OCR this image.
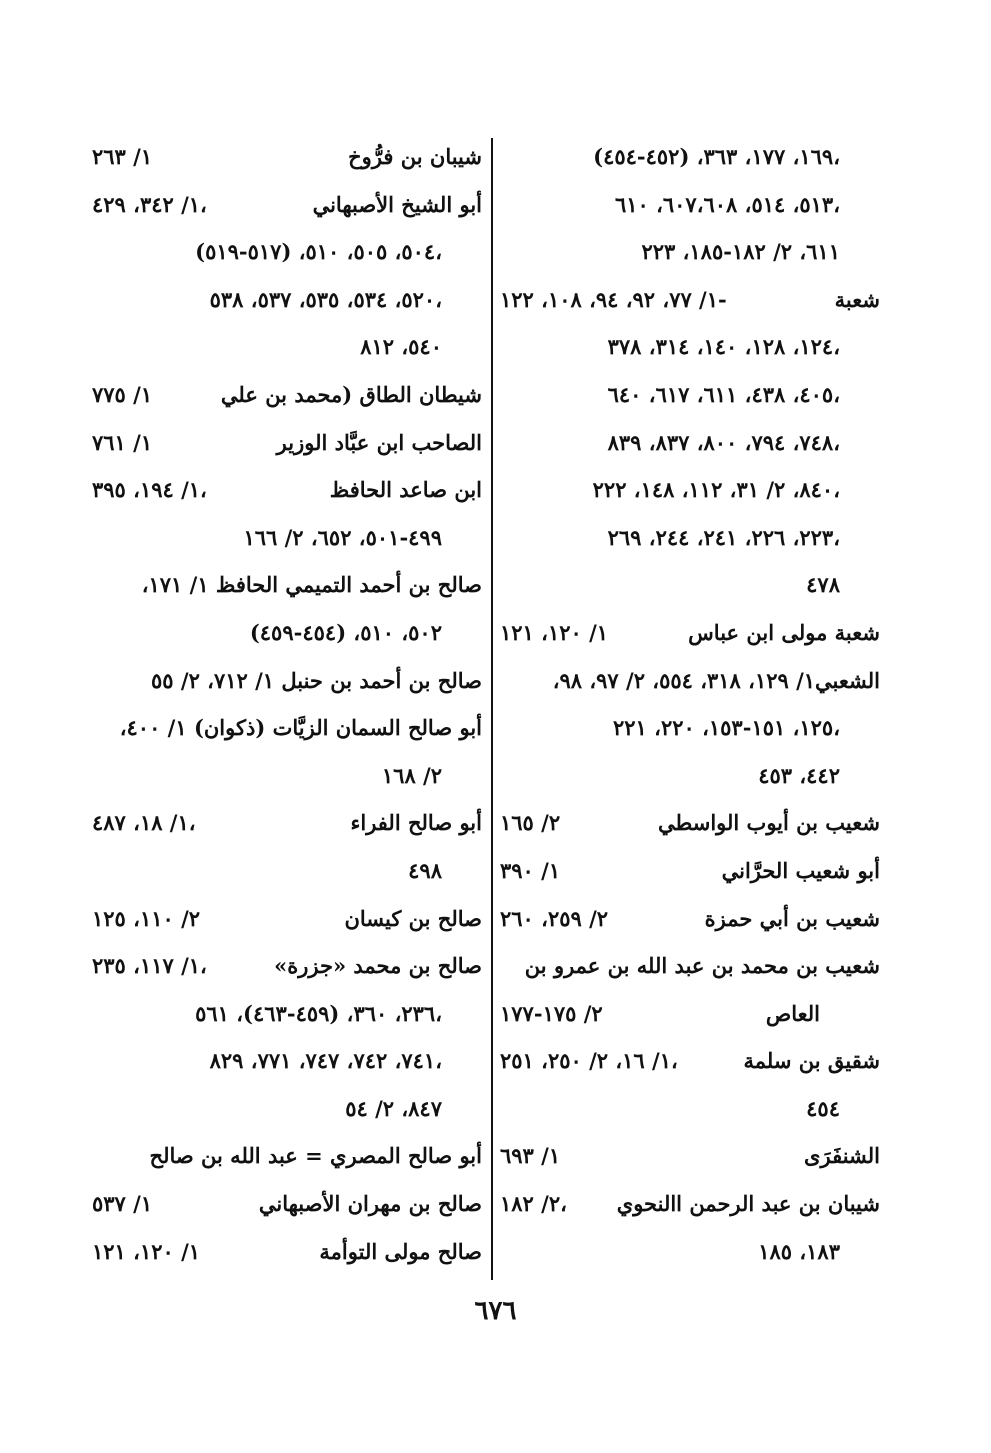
١٦٩، ١٧٧، ٣٦٣، (٤٥٢-٤٥٤)،
٥١٣، ٥١٤، ٦٠٧،٦٠٨، ٦١٠،
٦١١، ٢/ ١٨٢-١٨٥، ٢٢٣
شعبة
١/ ٧٧، ٩٢، ٩٤، ١٠٨، ١٢٢-
١٢٤، ١٢٨، ١٤٠، ٣١٤، ٣٧٨،
٤٠٥، ٤٣٨، ٦١١، ٦١٧، ٦٤٠،
٧٤٨، ٧٩٤، ٨٠٠، ٨٣٧، ٨٣٩،
٨٤٠، ٢/ ٣١، ١١٢، ١٤٨، ٢٢٢،
٢٢٣، ٢٢٦، ٢٤١، ٢٤٤، ٢٦٩،
٤٧٨
شعبة مولى ابن عباس
١/ ١٢٠، ١٢١
الشعبي١/ ١٢٩، ٣١٨، ٥٥٤، ٢/ ٩٧، ٩٨،
١٢٥، ١٥١-١٥٣، ٢٢٠، ٢٢١،
٤٤٢، ٤٥٣
شعيب بن أيوب الواسطي
٢/ ١٦٥
أبو شعيب الحرَّاني
١/ ٣٩٠
شعيب بن أبي حمزة
٢/ ٢٥٩، ٢٦٠
شعيب بن محمد بن عبد الله بن عمرو بن
العاص
٢/ ١٧٥-١٧٧
شقيق بن سلمة
١/ ١٦، ٢/ ٢٥٠، ٢٥١،
٤٥٤
الشنفَرَى
١/ ٦٩٣
شيبان بن عبد الرحمن االنحوي
٢/ ١٨٢،
١٨٣، ١٨٥
شيبان بن فرُّوخ
١/ ٢٦٣
أبو الشيخ الأصبهاني
١/ ٣٤٢، ٤٢٩،
٥٠٤، ٥٠٥، ٥١٠، (٥١٧-٥١٩)،
٥٢٠، ٥٣٤، ٥٣٥، ٥٣٧، ٥٣٨،
٥٤٠، ٨١٢
شيطان الطاق (محمد بن علي
١/ ٧٧٥
الصاحب ابن عبَّاد الوزير
١/ ٧٦١
ابن صاعد الحافظ
١/ ١٩٤، ٣٩٥،
٤٩٩-٥٠١، ٦٥٢، ٢/ ١٦٦
صالح بن أحمد التميمي الحافظ ١/ ١٧١،
٥٠٢، ٥١٠، (٤٥٤-٤٥٩)
صالح بن أحمد بن حنبل ١/ ٧١٢، ٢/ ٥٥
أبو صالح السمان الزيَّات (ذكوان) ١/ ٤٠٠،
٢/ ١٦٨
أبو صالح الفراء
١/ ١٨، ٤٨٧،
٤٩٨
صالح بن كيسان
٢/ ١١٠، ١٢٥
صالح بن محمد «جزرة»
١/ ١١٧، ٢٣٥،
٢٣٦، ٣٦٠، (٤٥٩-٤٦٣)، ٥٦١،
٧٤١، ٧٤٢، ٧٤٧، ٧٧١، ٨٢٩،
٨٤٧، ٢/ ٥٤
أبو صالح المصري = عبد الله بن صالح
صالح بن مهران الأصبهاني
١/ ٥٣٧
صالح مولى التوأمة
١/ ١٢٠، ١٢١
٦٧٦
